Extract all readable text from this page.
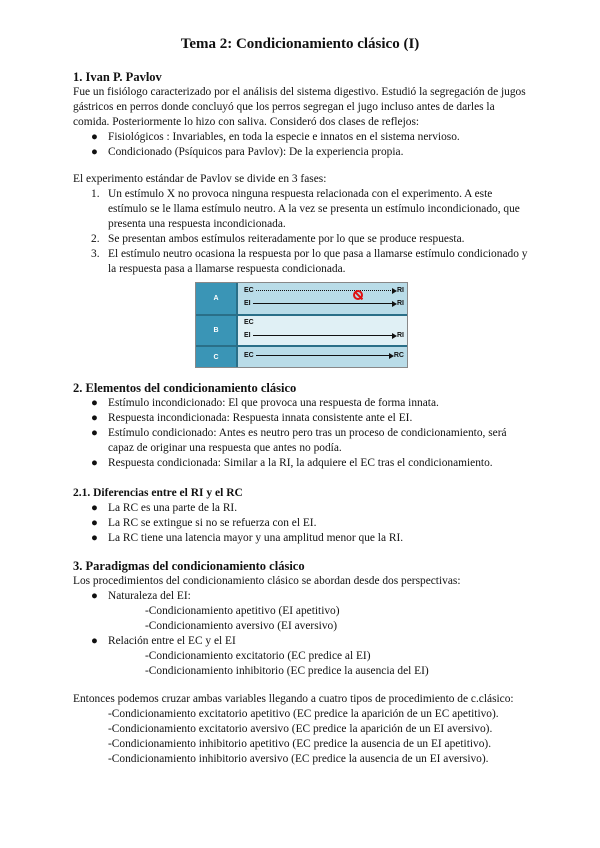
Tema 2: Condicionamiento clásico (I)
1. Ivan P. Pavlov
Fue un fisiólogo caracterizado por el análisis del sistema digestivo. Estudió la segregación de jugos gástricos en perros donde concluyó que los perros segregan el jugo incluso antes de darles la comida. Posteriormente lo hizo con saliva. Consideró dos clases de reflejos:
● Fisiológicos : Invariables, en toda la especie e innatos en el sistema nervioso.
● Condicionado (Psíquicos para Pavlov): De la experiencia propia.
El experimento estándar de Pavlov se divide en 3 fases:
1. Un estímulo X no provoca ninguna respuesta relacionada con el experimento. A este estímulo se le llama estímulo neutro. A la vez se presenta un estímulo incondicionado, que presenta una respuesta incondicionada.
2. Se presentan ambos estímulos reiteradamente por lo que se produce respuesta.
3. El estímulo neutro ocasiona la respuesta por lo que pasa a llamarse estímulo condicionado y la respuesta pasa a llamarse respuesta condicionada.
A
EC	RI
EI	RI
B
EC
EI	RI
C	EC	RC
2. Elementos del condicionamiento clásico
● Estímulo incondicionado: El que provoca una respuesta de forma innata.
● Respuesta incondicionada: Respuesta innata consistente ante el EI.
● Estímulo condicionado: Antes es neutro pero tras un proceso de condicionamiento, será capaz de originar una respuesta que antes no podía.
● Respuesta condicionada: Similar a la RI, la adquiere el EC tras el condicionamiento.
2.1. Diferencias entre el RI y el RC
● La RC es una parte de la RI.
● La RC se extingue si no se refuerza con el EI.
● La RC tiene una latencia mayor y una amplitud menor que la RI.
3. Paradigmas del condicionamiento clásico
Los procedimientos del condicionamiento clásico se abordan desde dos perspectivas:
● Naturaleza del EI:
-Condicionamiento apetitivo (EI apetitivo)
-Condicionamiento aversivo (EI aversivo)
● Relación entre el EC y el EI
-Condicionamiento excitatorio (EC predice al EI)
-Condicionamiento inhibitorio (EC predice la ausencia del EI)
Entonces podemos cruzar ambas variables llegando a cuatro tipos de procedimiento de c.clásico:
-Condicionamiento excitatorio apetitivo (EC predice la aparición de un EC apetitivo).
-Condicionamiento excitatorio aversivo (EC predice la aparición de un EI aversivo).
-Condicionamiento inhibitorio apetitivo (EC predice la ausencia de un EI apetitivo).
-Condicionamiento inhibitorio aversivo (EC predice la ausencia de un EI aversivo).
